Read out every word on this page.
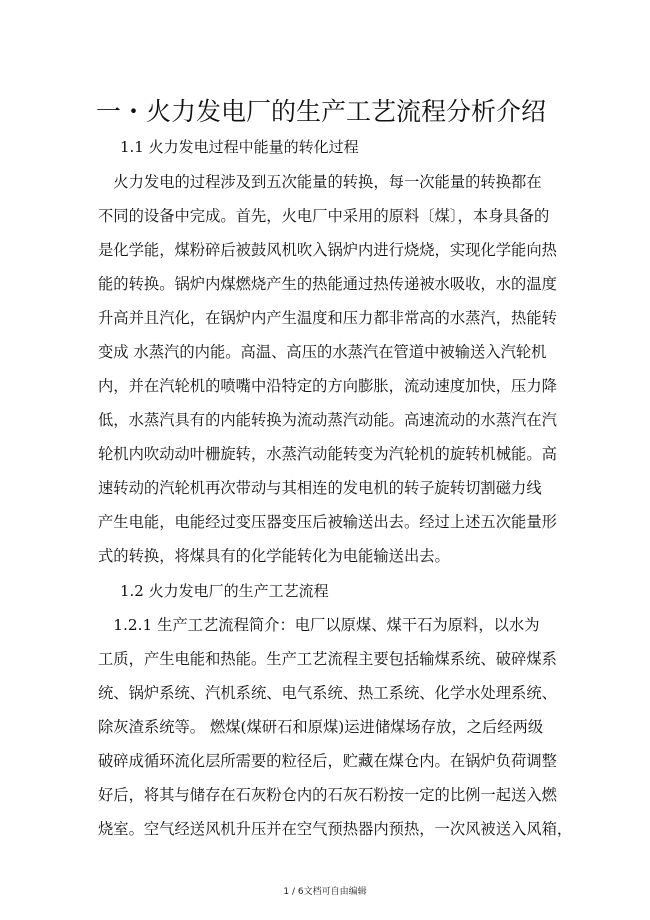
一・火力发电厂的生产工艺流程分析介绍
1.1 火力发电过程中能量的转化过程
　火力发电的过程涉及到五次能量的转换，每一次能量的转换都在
不同的设备中完成。首先，火电厂中采用的原料〔煤〕，本身具备的
是化学能，煤粉碎后被鼓风机吹入锅炉内进行烧烧，实现化学能向热
能的转换。锅炉内煤燃烧产生的热能通过热传递被水吸收，水的温度
升高并且汽化，在锅炉内产生温度和压力都非常高的水蒸汽，热能转
变成 水蒸汽的内能。高温、高压的水蒸汽在管道中被输送入汽轮机
内，并在汽轮机的喷嘴中沿特定的方向膨胀，流动速度加快，压力降
低，水蒸汽具有的内能转换为流动蒸汽动能。高速流动的水蒸汽在汽
轮机内吹动动叶栅旋转，水蒸汽动能转变为汽轮机的旋转机械能。高
速转动的汽轮机再次带动与其相连的发电机的转子旋转切割磁力线
产生电能，电能经过变压器变压后被输送出去。经过上述五次能量形
式的转换，将煤具有的化学能转化为电能输送出去。
1.2 火力发电厂的生产工艺流程
　1.2.1 生产工艺流程简介：电厂以原煤、煤干石为原料，以水为
工质，产生电能和热能。生产工艺流程主要包括输煤系统、破碎煤系
统、锅炉系统、汽机系统、电气系统、热工系统、化学水处理系统、
除灰渣系统等。 燃煤(煤研石和原煤)运进储煤场存放，之后经两级
破碎成循环流化层所需要的粒径后，贮藏在煤仓内。在锅炉负荷调整
好后，将其与储存在石灰粉仓内的石灰石粉按一定的比例一起送入燃
烧室。空气经送风机升压并在空气预热器内预热，一次风被送入风箱，
1 / 6文档可自由编辑
